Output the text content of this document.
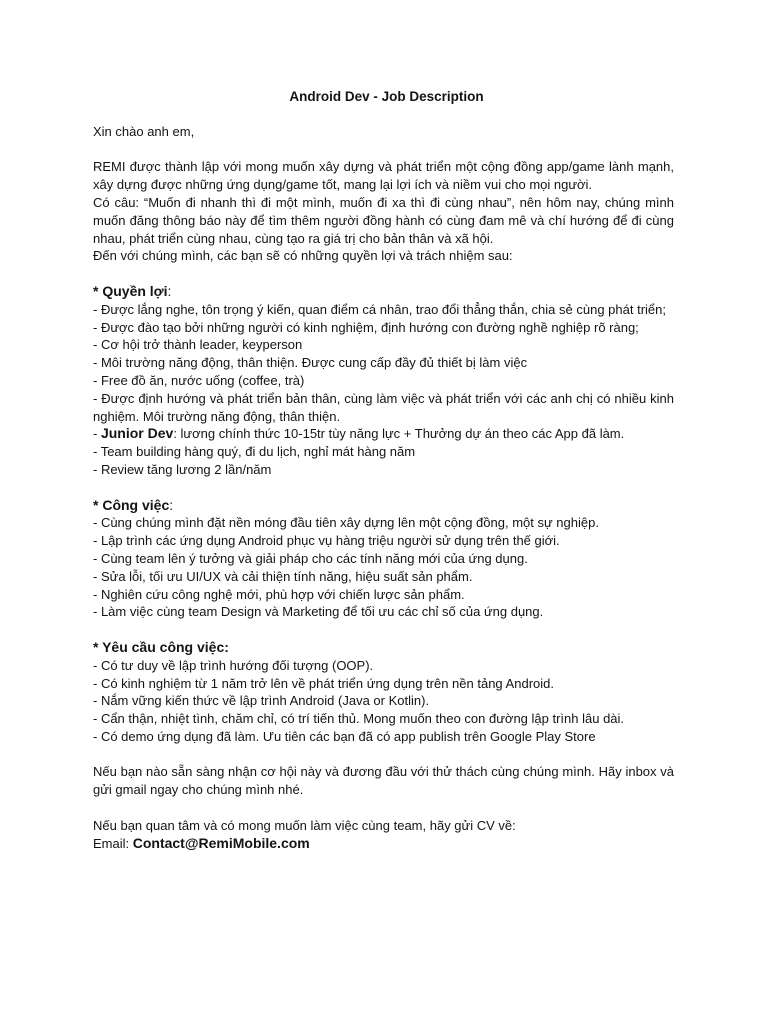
Android Dev - Job Description

Xin chào anh em,

REMI được thành lập với mong muốn xây dựng và phát triển một cộng đồng app/game lành mạnh, xây dựng được những ứng dụng/game tốt, mang lại lợi ích và niềm vui cho mọi người.

Có câu: “Muốn đi nhanh thì đi một mình, muốn đi xa thì đi cùng nhau”, nên hôm nay, chúng mình muốn đăng thông báo này để tìm thêm người đồng hành có cùng đam mê và chí hướng để đi cùng nhau, phát triển cùng nhau, cùng tạo ra giá trị cho bản thân và xã hội.

Đến với chúng mình, các bạn sẽ có những quyền lợi và trách nhiệm sau:

* Quyền lợi:
- Được lắng nghe, tôn trọng ý kiến, quan điểm cá nhân, trao đổi thẳng thắn, chia sẻ cùng phát triển;
- Được đào tạo bởi những người có kinh nghiệm, định hướng con đường nghề nghiệp rõ ràng;
- Cơ hội trở thành leader, keyperson
- Môi trường năng động, thân thiện. Được cung cấp đầy đủ thiết bị làm việc
- Free đồ ăn, nước uống (coffee, trà)
- Được định hướng và phát triển bản thân, cùng làm việc và phát triển với các anh chị có nhiều kinh nghiệm. Môi trường năng động, thân thiện.
- Junior Dev: lương chính thức 10-15tr tùy năng lực + Thưởng dự án theo các App đã làm.
- Team building hàng quý, đi du lịch, nghỉ mát hàng năm
- Review tăng lương 2 lần/năm
* Công việc:
- Cùng chúng mình đặt nền móng đầu tiên xây dựng lên một cộng đồng, một sự nghiệp.
- Lập trình các ứng dụng Android phục vụ hàng triệu người sử dụng trên thế giới.
- Cùng team lên ý tưởng và giải pháp cho các tính năng mới của ứng dụng.
- Sửa lỗi, tối ưu UI/UX và cải thiện tính năng, hiệu suất sản phẩm.
- Nghiên cứu công nghệ mới, phù hợp với chiến lược sản phẩm.
- Làm việc cùng team Design và Marketing để tối ưu các chỉ số của ứng dụng.
* Yêu cầu công việc:
- Có tư duy về lập trình hướng đối tượng (OOP).
- Có kinh nghiệm từ 1 năm trở lên về phát triển ứng dụng trên nền tảng Android.
- Nắm vững kiến thức về lập trình Android (Java or Kotlin).
- Cẩn thận, nhiệt tình, chăm chỉ, có trí tiến thủ. Mong muốn theo con đường lập trình lâu dài.
- Có demo ứng dụng đã làm. Ưu tiên các bạn đã có app publish trên Google Play Store

Nếu bạn nào sẵn sàng nhận cơ hội này và đương đầu với thử thách cùng chúng mình. Hãy inbox và gửi gmail ngay cho chúng mình nhé.

Nếu bạn quan tâm và có mong muốn làm việc cùng team, hãy gửi CV về:

Email: Contact@RemiMobile.com
